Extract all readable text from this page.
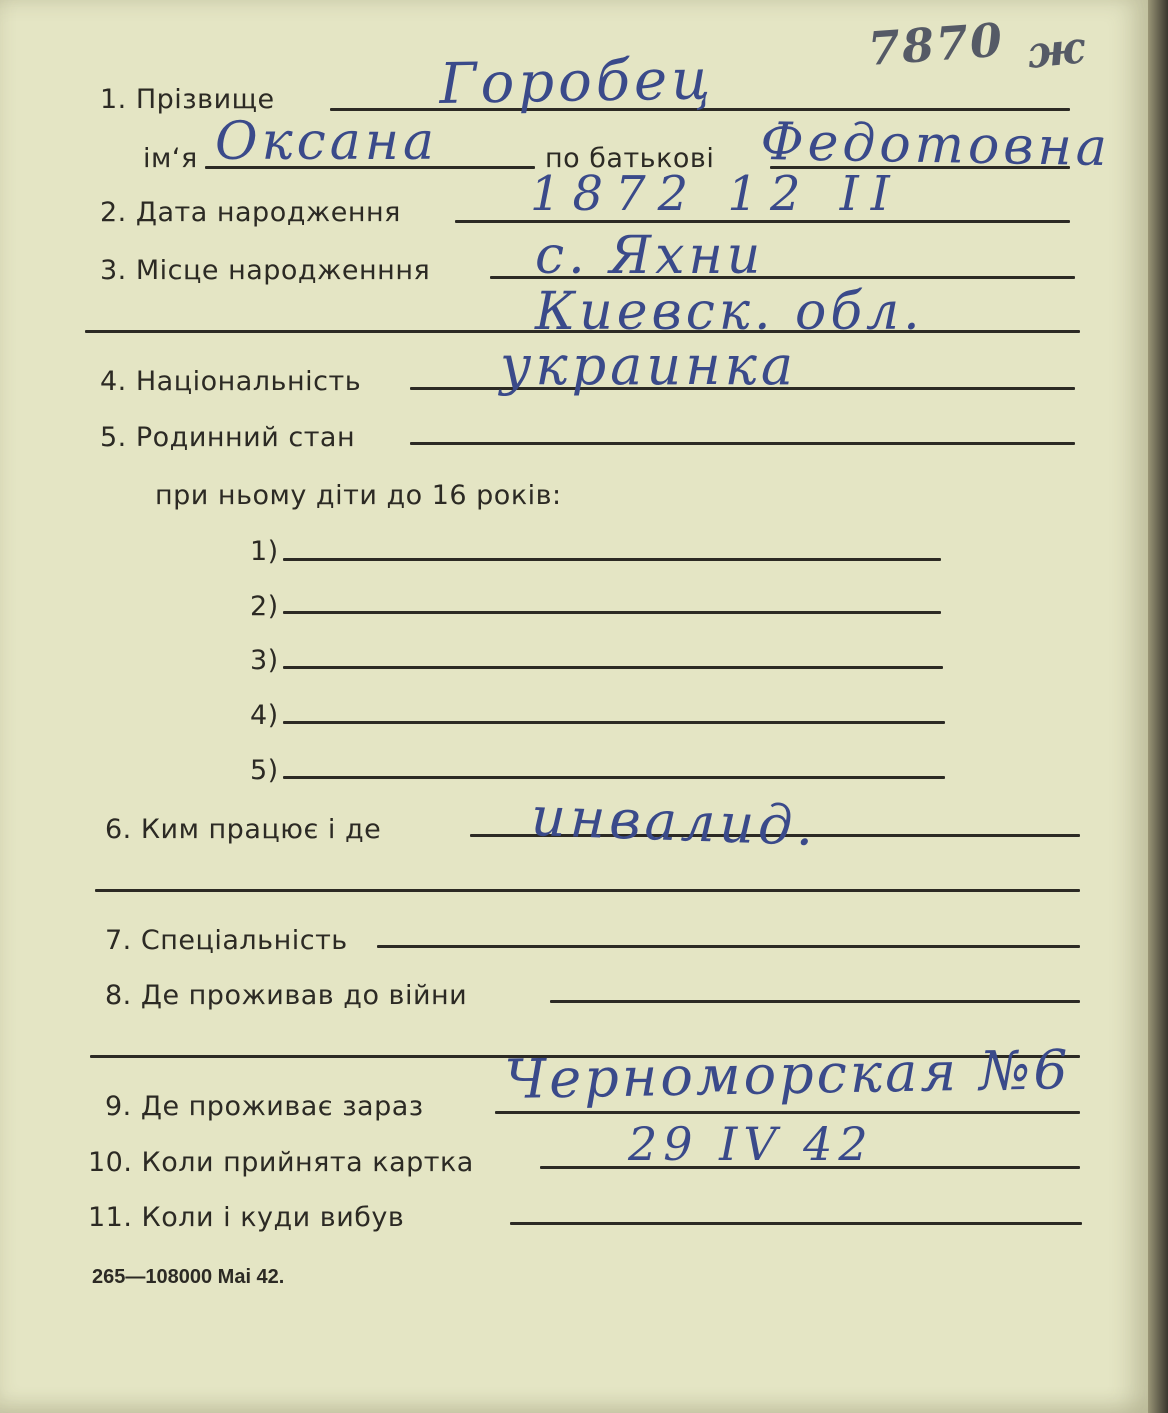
7870 ж
1. Прізвище	Горобец
ім‘я Оксана	по батькові Федотовна
2. Дата народження	1872 12 II
3. Місце народженння с. Яхни
Киевск. обл.
4. Національність	украинка
5. Родинний стан
при ньому діти до 16 років:
1)
2)
3)
4)
5)
6. Ким працює і де	инвалид.
7. Спеціальність
8. Де проживав до війни
9. Де проживає зараз Черноморская №6
10. Коли прийнята картка	29 IV 42
11. Коли і куди вибув
265—108000 Mai 42.
